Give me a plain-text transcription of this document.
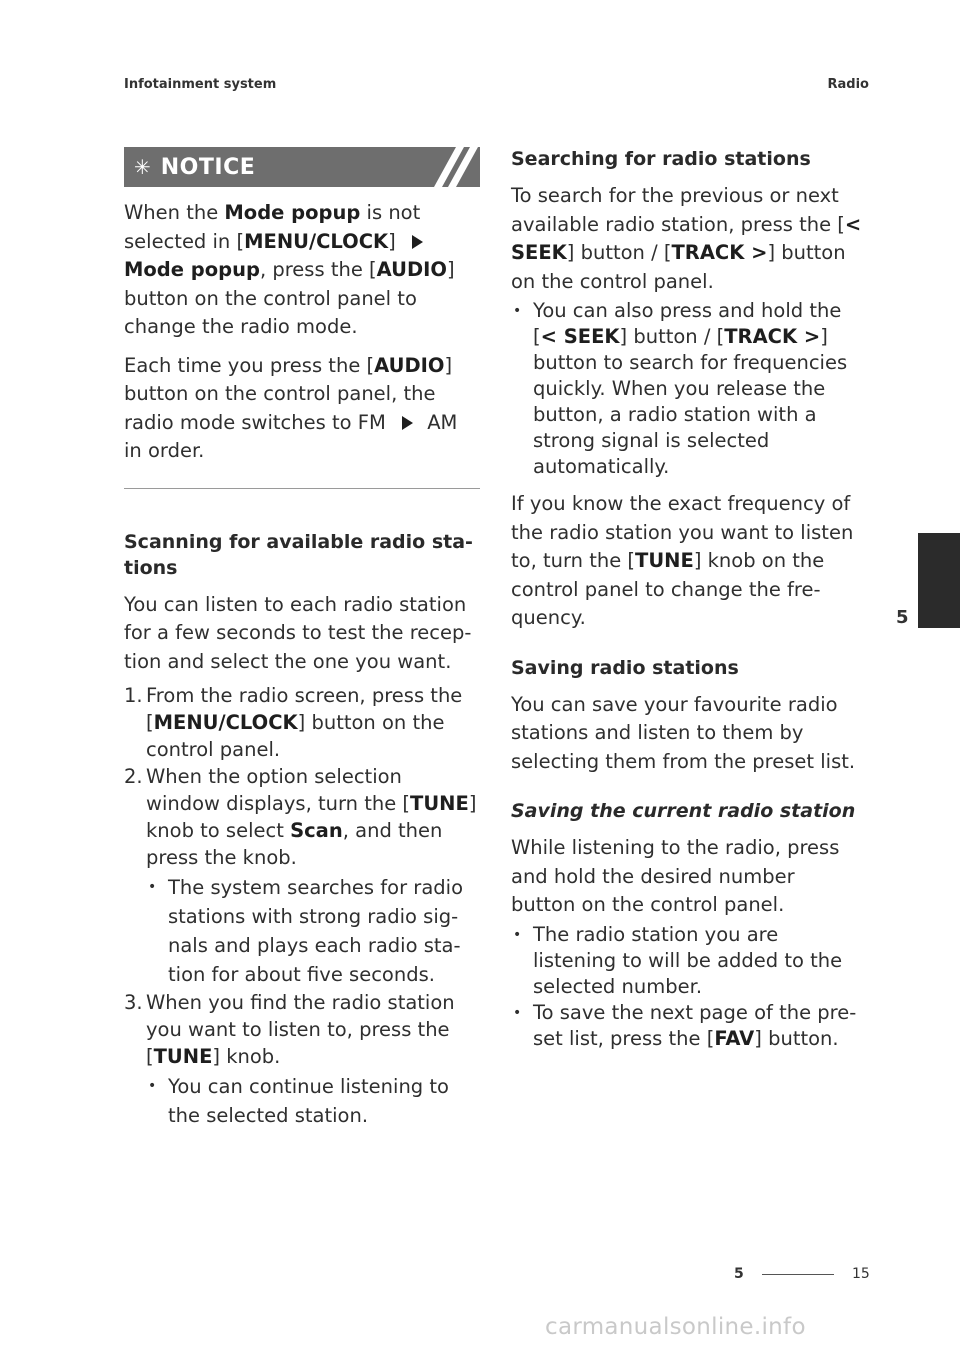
Infotainment system	Radio
✳ NOTICE

When the Mode popup is not selected in [MENU/CLOCK] Mode popup, press the [AUDIO] button on the control panel to change the radio mode.

Each time you press the [AUDIO] button on the control panel, the radio mode switches to FM  AM in order.

Scanning for available radio sta-tions

You can listen to each radio station for a few seconds to test the recep-tion and select the one you want.

1. From the radio screen, press the [MENU/CLOCK] button on the control panel.
2. When the option selection window displays, turn the [TUNE] knob to select Scan, and then press the knob.
• The system searches for radio stations with strong radio sig-nals and plays each radio sta-tion for about five seconds.
3. When you find the radio station you want to listen to, press the [TUNE] knob.
• You can continue listening to the selected station.
Searching for radio stations

To search for the previous or next available radio station, press the [< SEEK] button / [TRACK >] button on the control panel.

• You can also press and hold the [< SEEK] button / [TRACK >] button to search for frequencies quickly. When you release the button, a radio station with a strong signal is selected automatically.

If you know the exact frequency of the radio station you want to listen to, turn the [TUNE] knob on the control panel to change the fre-quency.

Saving radio stations

You can save your favourite radio stations and listen to them by selecting them from the preset list.

Saving the current radio station

While listening to the radio, press and hold the desired number button on the control panel.

• The radio station you are listening to will be added to the selected number.
• To save the next page of the pre-set list, press the [FAV] button.
5
5	15
carmanualsonline.info
